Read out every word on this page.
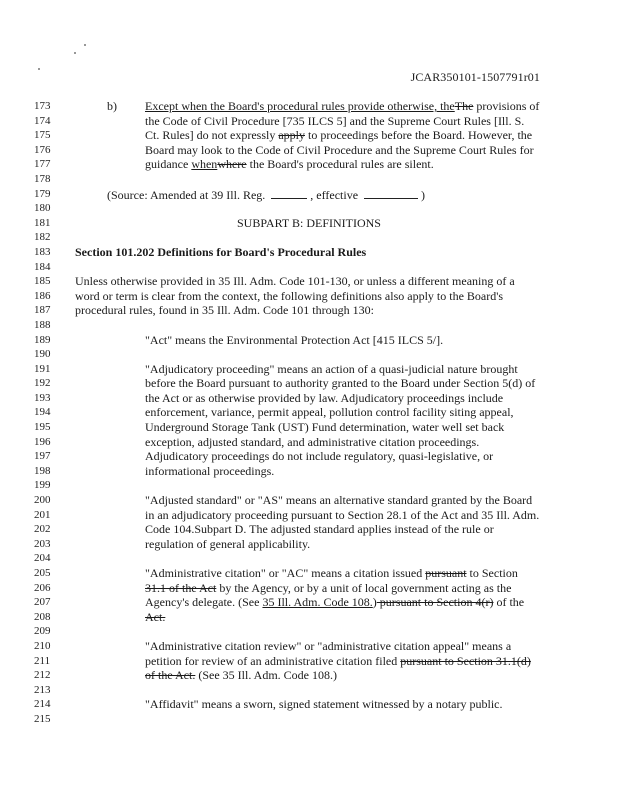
JCAR350101-1507791r01
173	b) Except when the Board's procedural rules provide otherwise, theThe provisions of
174	the Code of Civil Procedure [735 ILCS 5] and the Supreme Court Rules [Ill. S.
175	Ct. Rules] do not expressly apply to proceedings before the Board. However, the
176	Board may look to the Code of Civil Procedure and the Supreme Court Rules for
177	guidance whenwhere the Board's procedural rules are silent.
178
179	(Source: Amended at 39 Ill. Reg.	, effective	)
180
181	SUBPART B: DEFINITIONS
182
183	Section 101.202 Definitions for Board's Procedural Rules
184
185	Unless otherwise provided in 35 Ill. Adm. Code 101-130, or unless a different meaning of a
186	word or term is clear from the context, the following definitions also apply to the Board's
187	procedural rules, found in 35 Ill. Adm. Code 101 through 130:
188
189	"Act" means the Environmental Protection Act [415 ILCS 5/].
190
191	"Adjudicatory proceeding" means an action of a quasi-judicial nature brought
192	before the Board pursuant to authority granted to the Board under Section 5(d) of
193	the Act or as otherwise provided by law. Adjudicatory proceedings include
194	enforcement, variance, permit appeal, pollution control facility siting appeal,
195	Underground Storage Tank (UST) Fund determination, water well set back
196	exception, adjusted standard, and administrative citation proceedings.
197	Adjudicatory proceedings do not include regulatory, quasi-legislative, or
198	informational proceedings.
199
200	"Adjusted standard" or "AS" means an alternative standard granted by the Board
201	in an adjudicatory proceeding pursuant to Section 28.1 of the Act and 35 Ill. Adm.
202	Code 104.Subpart D. The adjusted standard applies instead of the rule or
203	regulation of general applicability.
204
205	"Administrative citation" or "AC" means a citation issued pursuant to Section
206	31.1 of the Act by the Agency, or by a unit of local government acting as the
207	Agency's delegate. (See 35 Ill. Adm. Code 108.) pursuant to Section 4(r) of the
208	Act.
209
210	"Administrative citation review" or "administrative citation appeal" means a
211	petition for review of an administrative citation filed pursuant to Section 31.1(d)
212	of the Act. (See 35 Ill. Adm. Code 108.)
213
214	"Affidavit" means a sworn, signed statement witnessed by a notary public.
215
